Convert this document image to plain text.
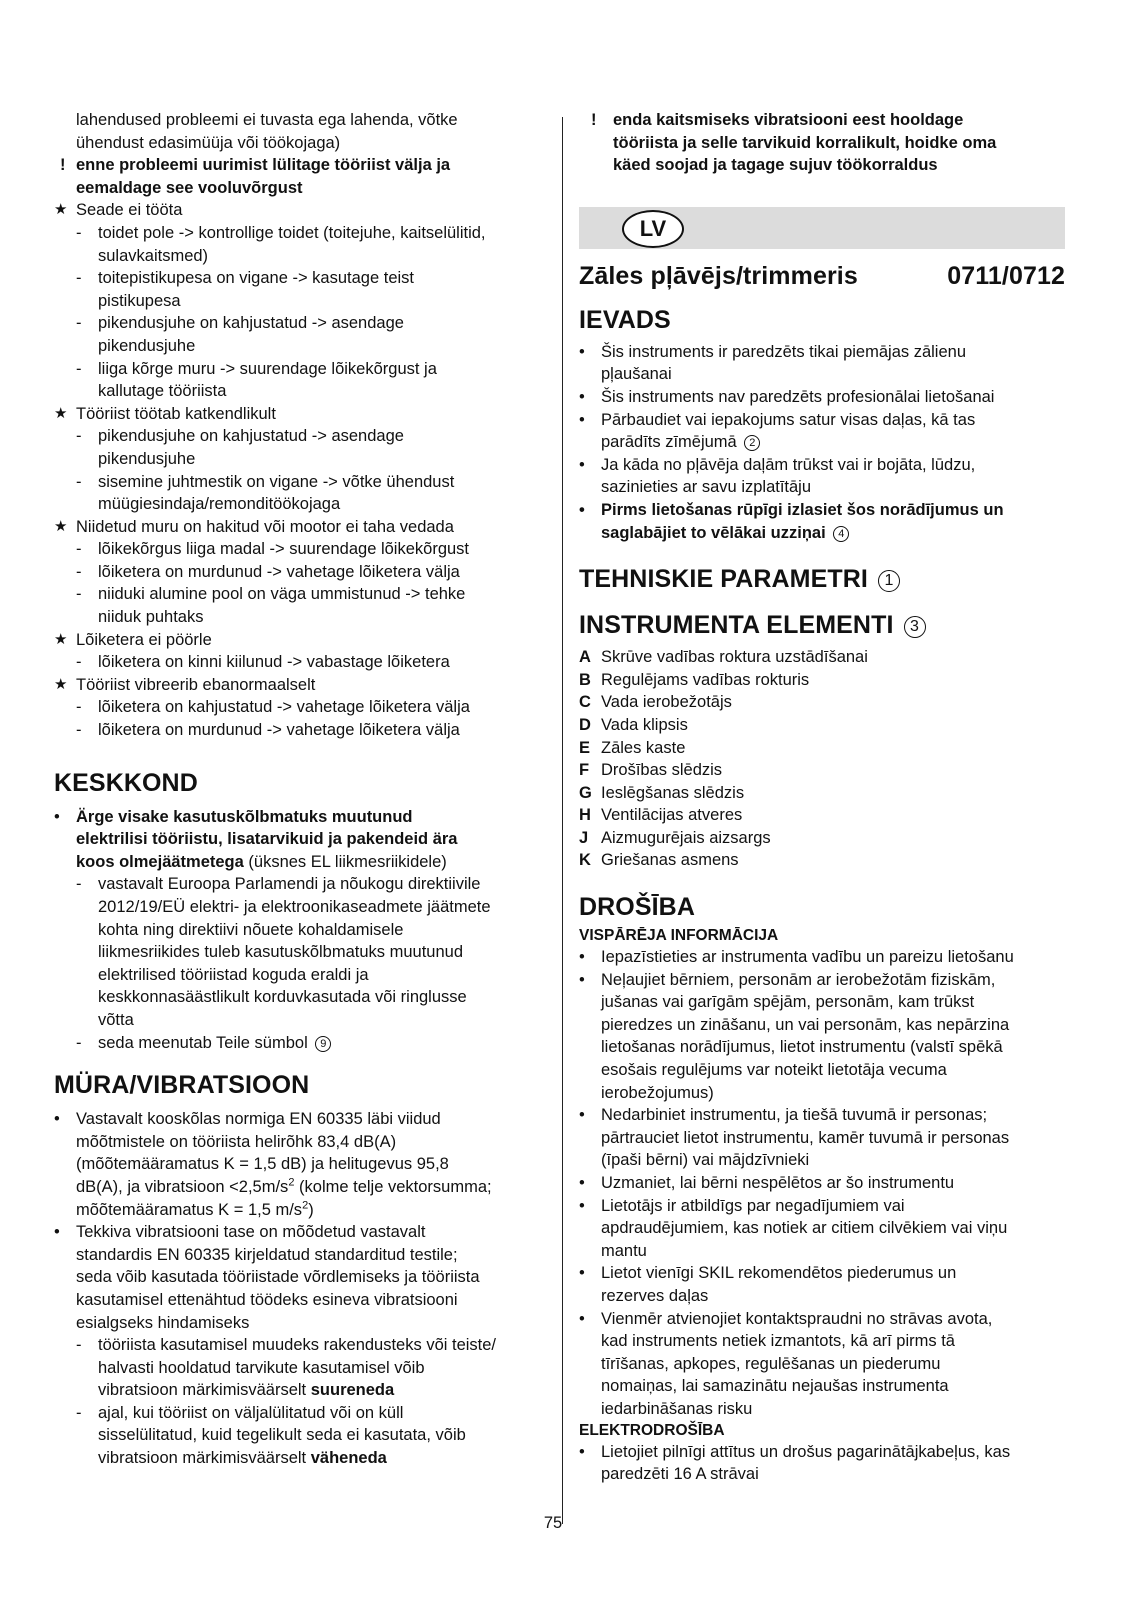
lahendused probleemi ei tuvasta ega lahenda, võtke
ühendust edasimüüja või töökojaga)
! enne probleemi uurimist lülitage tööriist välja ja
eemaldage see vooluvõrgust
★ Seade ei tööta
- toidet pole -> kontrollige toidet (toitejuhe, kaitselülitid,
sulavkaitsmed)
- toitepistikupesa on vigane -> kasutage teist
pistikupesa
- pikendusjuhe on kahjustatud -> asendage
pikendusjuhe
- liiga kõrge muru -> suurendage lõikekõrgust ja
kallutage tööriista
★ Tööriist töötab katkendlikult
- pikendusjuhe on kahjustatud -> asendage
pikendusjuhe
- sisemine juhtmestik on vigane -> võtke ühendust
müügiesindaja/remonditöökojaga
★ Niidetud muru on hakitud või mootor ei taha vedada
- lõikekõrgus liiga madal -> suurendage lõikekõrgust
- lõiketera on murdunud -> vahetage lõiketera välja
- niiduki alumine pool on väga ummistunud -> tehke
niiduk puhtaks
★ Lõiketera ei pöörle
- lõiketera on kinni kiilunud -> vabastage lõiketera
★ Tööriist vibreerib ebanormaalselt
- lõiketera on kahjustatud -> vahetage lõiketera välja
- lõiketera on murdunud -> vahetage lõiketera välja
KESKKOND
• Ärge visake kasutuskõlbmatuks muutunud
elektrilisi tööriistu, lisatarvikuid ja pakendeid ära
koos olmejäätmetega (üksnes EL liikmesriikidele)
- vastavalt Euroopa Parlamendi ja nõukogu direktiivile
2012/19/EÜ elektri- ja elektroonikaseadmete jäätmete
kohta ning direktiivi nõuete kohaldamisele
liikmesriikides tuleb kasutuskõlbmatuks muutunud
elektrilised tööriistad koguda eraldi ja
keskkonnasäästlikult korduvkasutada või ringlusse
võtta
- seda meenutab Teile sümbol 9
MÜRA/VIBRATSIOON
• Vastavalt kooskõlas normiga EN 60335 läbi viidud
mõõtmistele on tööriista helirõhk 83,4 dB(A)
(mõõtemääramatus K = 1,5 dB) ja helitugevus 95,8
dB(A), ja vibratsioon $<2,5m/s^2$ (kolme telje vektorsumma;
mõõtemääramatus K = 1,5 $m/s^2$)
• Tekkiva vibratsiooni tase on mõõdetud vastavalt
standardis EN 60335 kirjeldatud standarditud testile;
seda võib kasutada tööriistade võrdlemiseks ja tööriista
kasutamisel ettenähtud töödeks esineva vibratsiooni
esialgseks hindamiseks
- tööriista kasutamisel muudeks rakendusteks või teiste/
halvasti hooldatud tarvikute kasutamisel võib
vibratsioon märkimisväärselt suureneda
- ajal, kui tööriist on väljalülitatud või on küll
sisselülitatud, kuid tegelikult seda ei kasutata, võib
vibratsioon märkimisväärselt väheneda
! enda kaitsmiseks vibratsiooni eest hooldage
tööriista ja selle tarvikuid korralikult, hoidke oma
käed soojad ja tagage sujuv töökorraldus
LV
Zāles pļāvējs/trimmeris	0711/0712
IEVADS
• Šis instruments ir paredzēts tikai piemājas zālienu
pļaušanai
• Šis instruments nav paredzēts profesionālai lietošanai
• Pārbaudiet vai iepakojums satur visas daļas, kā tas
parādīts zīmējumā 2
• Ja kāda no pļāvēja daļām trūkst vai ir bojāta, lūdzu,
sazinieties ar savu izplatītāju
• Pirms lietošanas rūpīgi izlasiet šos norādījumus un
saglabājiet to vēlākai uzziņai 4
TEHNISKIE PARAMETRI 1
INSTRUMENTA ELEMENTI 3
A Skrūve vadības roktura uzstādīšanai
B Regulējams vadības rokturis
C Vada ierobežotājs
D Vada klipsis
E Zāles kaste
F Drošības slēdzis
G Ieslēgšanas slēdzis
H Ventilācijas atveres
J Aizmugurējais aizsargs
K Griešanas asmens
DROŠĪBA
VISPĀRĒJA INFORMĀCIJA
• Iepazīstieties ar instrumenta vadību un pareizu lietošanu
• Neļaujiet bērniem, personām ar ierobežotām fiziskām,
jušanas vai garīgām spējām, personām, kam trūkst
pieredzes un zināšanu, un vai personām, kas nepārzina
lietošanas norādījumus, lietot instrumentu (valstī spēkā
esošais regulējums var noteikt lietotāja vecuma
ierobežojumus)
• Nedarbiniet instrumentu, ja tiešā tuvumā ir personas;
pārtrauciet lietot instrumentu, kamēr tuvumā ir personas
(īpaši bērni) vai mājdzīvnieki
• Uzmaniet, lai bērni nespēlētos ar šo instrumentu
• Lietotājs ir atbildīgs par negadījumiem vai
apdraudējumiem, kas notiek ar citiem cilvēkiem vai viņu
mantu
• Lietot vienīgi SKIL rekomendētos piederumus un
rezerves daļas
• Vienmēr atvienojiet kontaktspraudni no strāvas avota,
kad instruments netiek izmantots, kā arī pirms tā
tīrīšanas, apkopes, regulēšanas un piederumu
nomaiņas, lai samazinātu nejaušas instrumenta
iedarbināšanas risku
ELEKTRODROŠĪBA
• Lietojiet pilnīgi attītus un drošus pagarinātājkabeļus, kas
paredzēti 16 A strāvai
75
